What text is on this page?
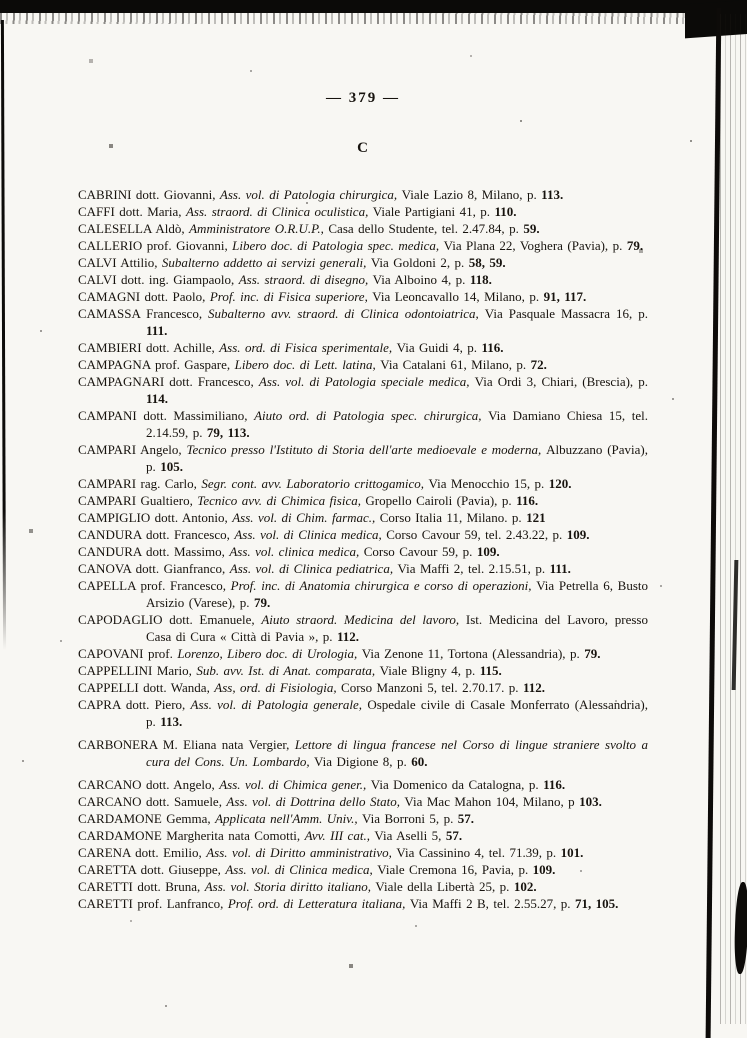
— 379 —
C

CABRINI dott. Giovanni, Ass. vol. di Patologia chirurgica, Viale Lazio 8, Milano, p. 113.

CAFFI dott. Maria, Ass. straord. di Clinica oculistica, Viale Partigiani 41, p. 110.

CALESELLA Aldò, Amministratore O.R.U.P., Casa dello Studente, tel. 2.47.84, p. 59.

CALLERIO prof. Giovanni, Libero doc. di Patologia spec. medica, Via Plana 22, Voghera (Pavia), p. 79.

CALVI Attilio, Subalterno addetto ai servizi generali, Via Goldoni 2, p. 58, 59.

CALVI dott. ing. Giampaolo, Ass. straord. di disegno, Via Alboino 4, p. 118.

CAMAGNI dott. Paolo, Prof. inc. di Fisica superiore, Via Leoncavallo 14, Milano, p. 91, 117.

CAMASSA Francesco, Subalterno avv. straord. di Clinica odontoiatrica, Via Pasquale Massacra 16, p. 111.

CAMBIERI dott. Achille, Ass. ord. di Fisica sperimentale, Via Guidi 4, p. 116.

CAMPAGNA prof. Gaspare, Libero doc. di Lett. latina, Via Catalani 61, Milano, p. 72.

CAMPAGNARI dott. Francesco, Ass. vol. di Patologia speciale medica, Via Ordi 3, Chiari, (Brescia), p. 114.

CAMPANI dott. Massimiliano, Aiuto ord. di Patologia spec. chirurgica, Via Damiano Chiesa 15, tel. 2.14.59, p. 79, 113.

CAMPARI Angelo, Tecnico presso l'Istituto di Storia dell'arte medioevale e moderna, Albuzzano (Pavia), p. 105.

CAMPARI rag. Carlo, Segr. cont. avv. Laboratorio crittogamico, Via Menocchio 15, p. 120.

CAMPARI Gualtiero, Tecnico avv. di Chimica fisica, Gropello Cairoli (Pavia), p. 116.

CAMPIGLIO dott. Antonio, Ass. vol. di Chim. farmac., Corso Italia 11, Milano. p. 121

CANDURA dott. Francesco, Ass. vol. di Clinica medica, Corso Cavour 59, tel. 2.43.22, p. 109.

CANDURA dott. Massimo, Ass. vol. clinica medica, Corso Cavour 59, p. 109.

CANOVA dott. Gianfranco, Ass. vol. di Clinica pediatrica, Via Maffi 2, tel. 2.15.51, p. 111.

CAPELLA prof. Francesco, Prof. inc. di Anatomia chirurgica e corso di operazioni, Via Petrella 6, Busto Arsizio (Varese), p. 79.

CAPODAGLIO dott. Emanuele, Aiuto straord. Medicina del lavoro, Ist. Medicina del Lavoro, presso Casa di Cura « Città di Pavia », p. 112.

CAPOVANI prof. Lorenzo, Libero doc. di Urologia, Via Zenone 11, Tortona (Alessandria), p. 79.

CAPPELLINI Mario, Sub. avv. Ist. di Anat. comparata, Viale Bligny 4, p. 115.

CAPPELLI dott. Wanda, Ass, ord. di Fisiologia, Corso Manzoni 5, tel. 2.70.17. p. 112.

CAPRA dott. Piero, Ass. vol. di Patologia generale, Ospedale civile di Casale Monferrato (Alessandria), p. 113.

CARBONERA M. Eliana nata Vergier, Lettore di lingua francese nel Corso di lingue straniere svolto a cura del Cons. Un. Lombardo, Via Digione 8, p. 60.

CARCANO dott. Angelo, Ass. vol. di Chimica gener., Via Domenico da Catalogna, p. 116.

CARCANO dott. Samuele, Ass. vol. di Dottrina dello Stato, Via Mac Mahon 104, Milano, p 103.

CARDAMONE Gemma, Applicata nell'Amm. Univ., Via Borroni 5, p. 57.

CARDAMONE Margherita nata Comotti, Avv. III cat., Via Aselli 5, 57.

CARENA dott. Emilio, Ass. vol. di Diritto amministrativo, Via Cassinino 4, tel. 71.39, p. 101.

CARETTA dott. Giuseppe, Ass. vol. di Clinica medica, Viale Cremona 16, Pavia, p. 109.

CARETTI dott. Bruna, Ass. vol. Storia diritto italiano, Viale della Libertà 25, p. 102.

CARETTI prof. Lanfranco, Prof. ord. di Letteratura italiana, Via Maffi 2 B, tel. 2.55.27, p. 71, 105.
